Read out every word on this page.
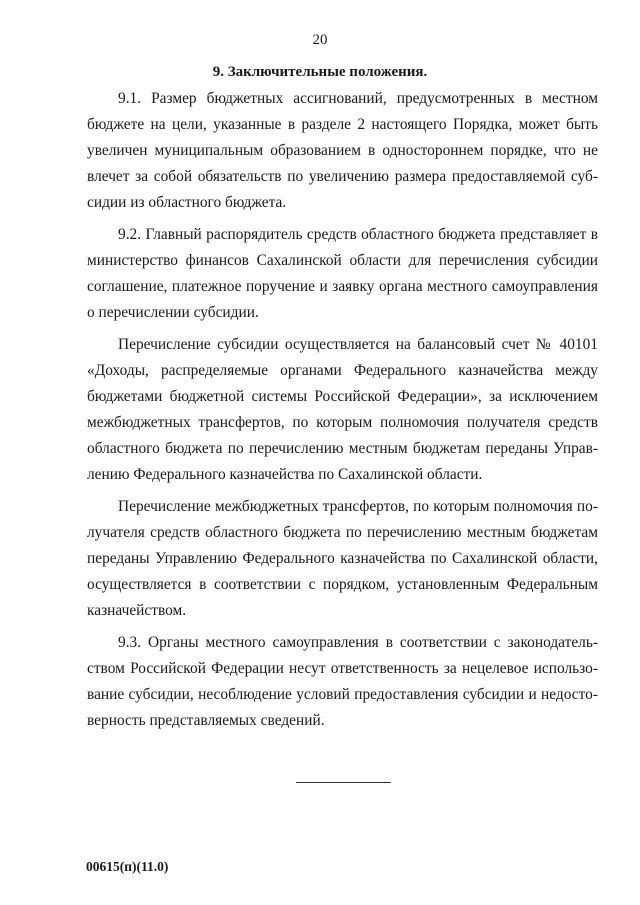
20
9. Заключительные положения.

9.1. Размер бюджетных ассигнований, предусмотренных в местном
бюджете на цели, указанные в разделе 2 настоящего Порядка, может быть
увеличен муниципальным образованием в одностороннем порядке, что не
влечет за собой обязательств по увеличению размера предоставляемой суб-
сидии из областного бюджета.

9.2. Главный распорядитель средств областного бюджета представляет в
министерство финансов Сахалинской области для перечисления субсидии
соглашение, платежное поручение и заявку органа местного самоуправления
о перечислении субсидии.

Перечисление субсидии осуществляется на балансовый счет № 40101
«Доходы, распределяемые органами Федерального казначейства между
бюджетами бюджетной системы Российской Федерации», за исключением
межбюджетных трансфертов, по которым полномочия получателя средств
областного бюджета по перечислению местным бюджетам переданы Управ-
лению Федерального казначейства по Сахалинской области.

Перечисление межбюджетных трансфертов, по которым полномочия по-
лучателя средств областного бюджета по перечислению местным бюджетам
переданы Управлению Федерального казначейства по Сахалинской области,
осуществляется в соответствии с порядком, установленным Федеральным
казначейством.

9.3. Органы местного самоуправления в соответствии с законодатель-
ством Российской Федерации несут ответственность за нецелевое использо-
вание субсидии, несоблюдение условий предоставления субсидии и недосто-
верность представляемых сведений.

00615(п)(11.0)
